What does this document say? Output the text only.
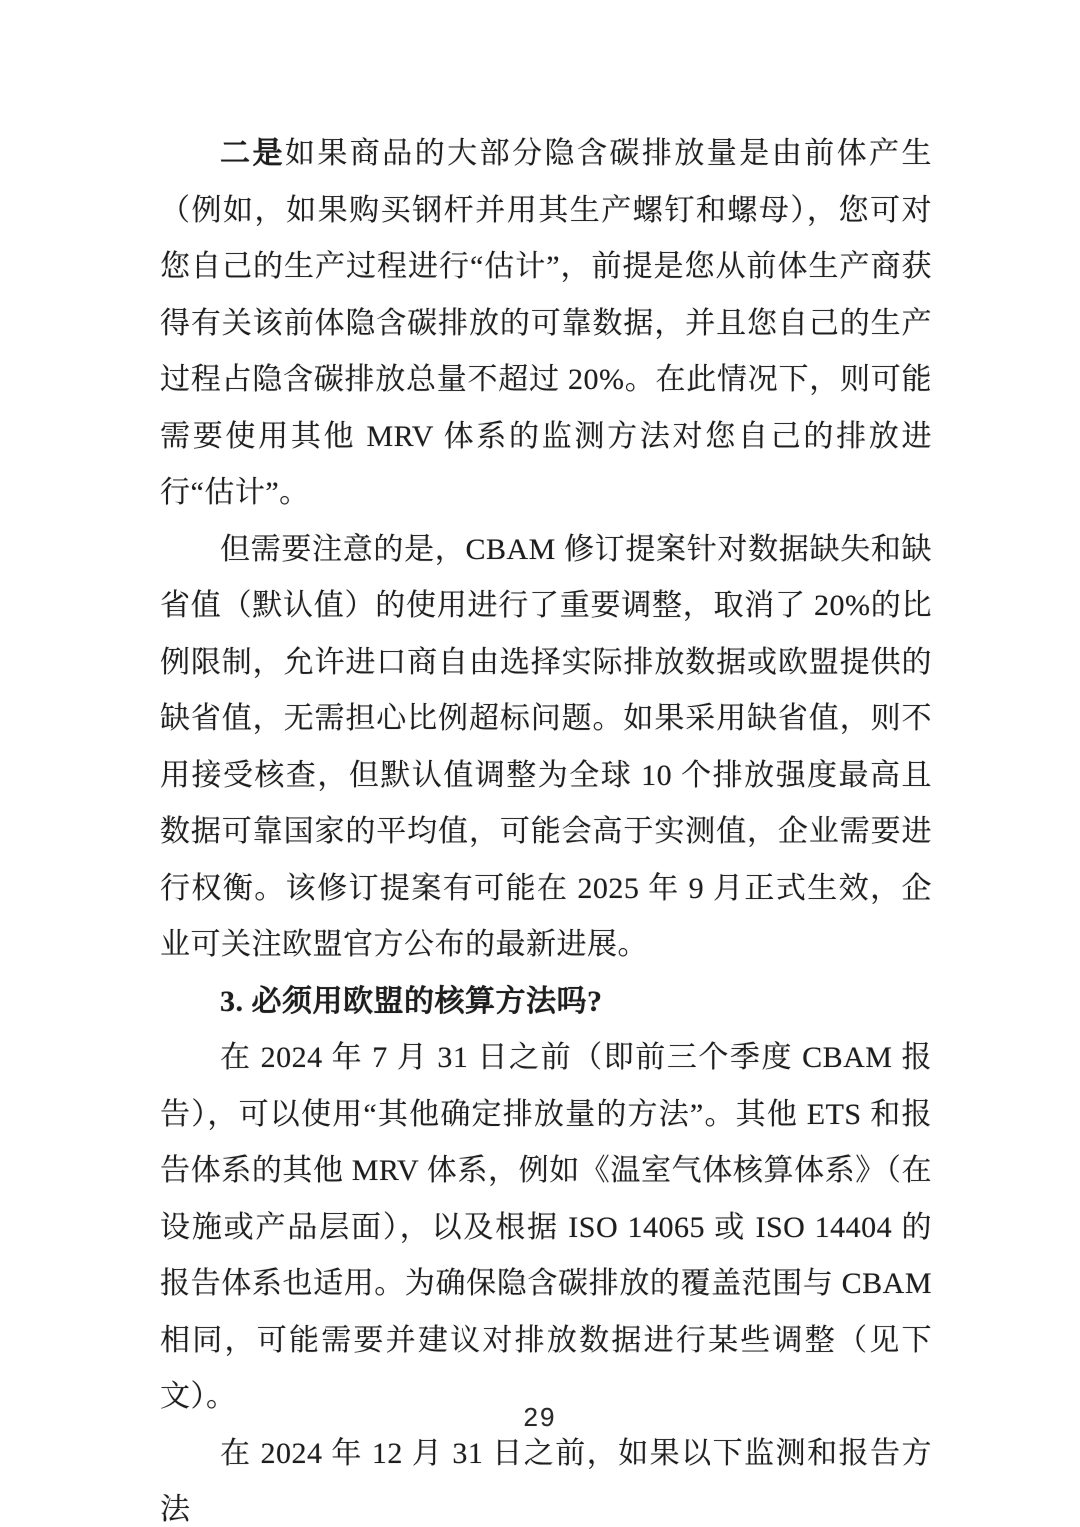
二是如果商品的大部分隐含碳排放量是由前体产生（例如，如果购买钢杆并用其生产螺钉和螺母），您可对您自己的生产过程进行“估计”，前提是您从前体生产商获得有关该前体隐含碳排放的可靠数据，并且您自己的生产过程占隐含碳排放总量不超过 20%。在此情况下，则可能需要使用其他 MRV 体系的监测方法对您自己的排放进行“估计”。

但需要注意的是，CBAM 修订提案针对数据缺失和缺省值（默认值）的使用进行了重要调整，取消了 20%的比例限制，允许进口商自由选择实际排放数据或欧盟提供的缺省值，无需担心比例超标问题。如果采用缺省值，则不用接受核查，但默认值调整为全球 10 个排放强度最高且数据可靠国家的平均值，可能会高于实测值，企业需要进行权衡。该修订提案有可能在 2025 年 9 月正式生效，企业可关注欧盟官方公布的最新进展。

3. 必须用欧盟的核算方法吗?

在 2024 年 7 月 31 日之前（即前三个季度 CBAM 报告），可以使用“其他确定排放量的方法”。其他 ETS 和报告体系的其他 MRV 体系，例如《温室气体核算体系》（在设施或产品层面），以及根据 ISO 14065 或 ISO 14404 的报告体系也适用。为确保隐含碳排放的覆盖范围与 CBAM 相同，可能需要并建议对排放数据进行某些调整（见下文）。

在 2024 年 12 月 31 日之前，如果以下监测和报告方法

29
